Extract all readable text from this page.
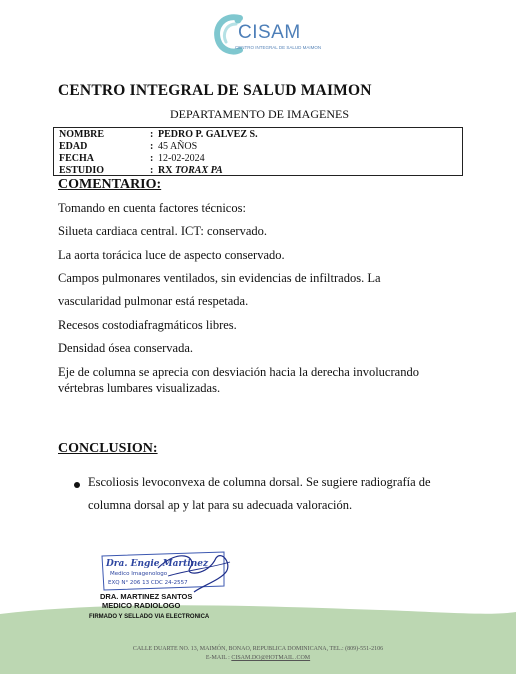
CISAM
CENTRO INTEGRAL DE SALUD MAIMON
CENTRO INTEGRAL DE SALUD MAIMON
DEPARTAMENTO DE IMAGENES
NOMBRE	: PEDRO P. GALVEZ S.
EDAD	: 45 AÑOS
FECHA	: 12-02-2024
ESTUDIO	: RX TORAX PA
COMENTARIO:
Tomando en cuenta factores técnicos:
Silueta cardiaca central. ICT: conservado.
La aorta torácica luce de aspecto conservado.
Campos pulmonares ventilados, sin evidencias de infiltrados. La
vascularidad pulmonar está respetada.
Recesos costodiafragmáticos libres.
Densidad ósea conservada.
Eje de columna se aprecia con desviación hacia la derecha involucrando
vértebras lumbares visualizadas.
CONCLUSION:
Escoliosis levoconvexa de columna dorsal. Se sugiere radiografía de
columna dorsal ap y lat para su adecuada valoración.
Dra. Engie Martinez
Medico Imagenologo
EXQ N° 206 13 CDC 24-2557
DRA. MARTINEZ SANTOS
MEDICO RADIOLOGO
FIRMADO Y SELLADO VIA ELECTRONICA
CALLE DUARTE NO. 13, MAIMÓN, BONAO, REPUBLICA DOMINICANA, TEL.: (809)-551-2106
E-MAIL : CISAM.DO@HOTMAIL .COM
